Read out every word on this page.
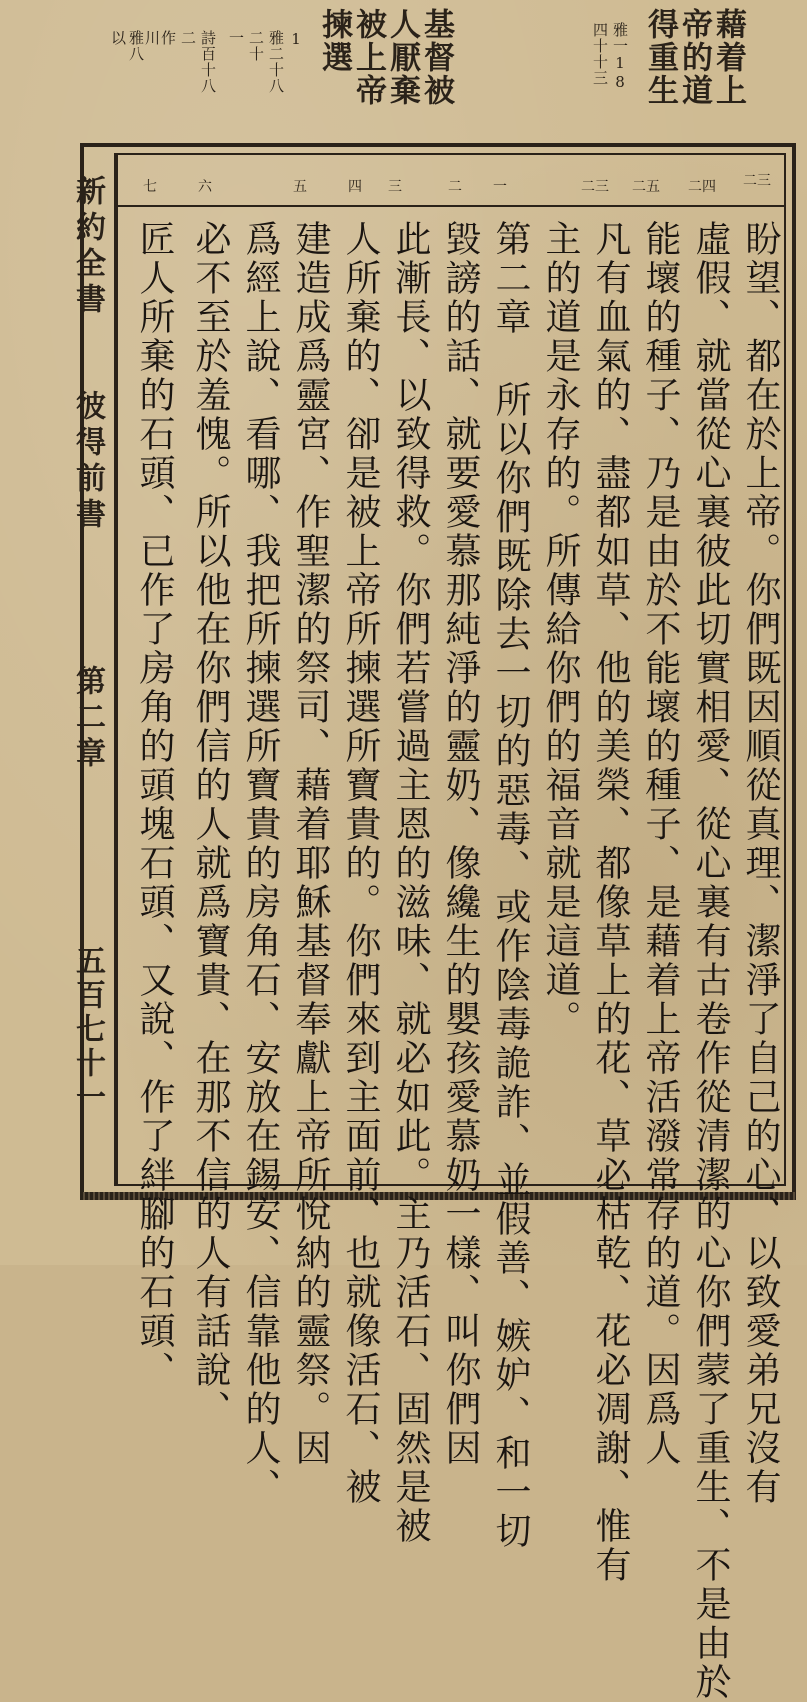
藉着上
帝的道
得重生
雅一18
四十十三
基督被
人厭棄
被上帝
揀選
1
雅二十八
二十
一
詩百十八
二
作
川
雅八
以
二三
二四
二五
二三
一
二
三
四
五
六
七
盼望、都在於上帝。你們既因順從真理、潔淨了自己的心、以致愛弟兄沒有
虛假、就當從心裏彼此切實相愛、從心裏有古卷作從清潔的心你們蒙了重生、不是由於
能壞的種子、乃是由於不能壞的種子、是藉着上帝活潑常存的道。因爲人
凡有血氣的、盡都如草、他的美榮、都像草上的花、草必枯乾、花必凋謝、惟有
主的道是永存的。所傳給你們的福音就是這道。
第二章 所以你們既除去一切的惡毒、或作陰毒詭詐、並假善、嫉妒、和一切
毀謗的話、就要愛慕那純淨的靈奶、像纔生的嬰孩愛慕奶一樣、叫你們因
此漸長、以致得救。你們若嘗過主恩的滋味、就必如此。主乃活石、固然是被
人所棄的、卻是被上帝所揀選所寶貴的。你們來到主面前、也就像活石、被
建造成爲靈宮、作聖潔的祭司、藉着耶穌基督奉獻上帝所悅納的靈祭。因
爲經上說、看哪、我把所揀選所寶貴的房角石、安放在錫安、信靠他的人、
必不至於羞愧。所以他在你們信的人就爲寶貴、在那不信的人有話說、
匠人所棄的石頭、已作了房角的頭塊石頭、又說、作了絆腳的石頭、
新約全書
彼得前書
第二章
五百七十一
